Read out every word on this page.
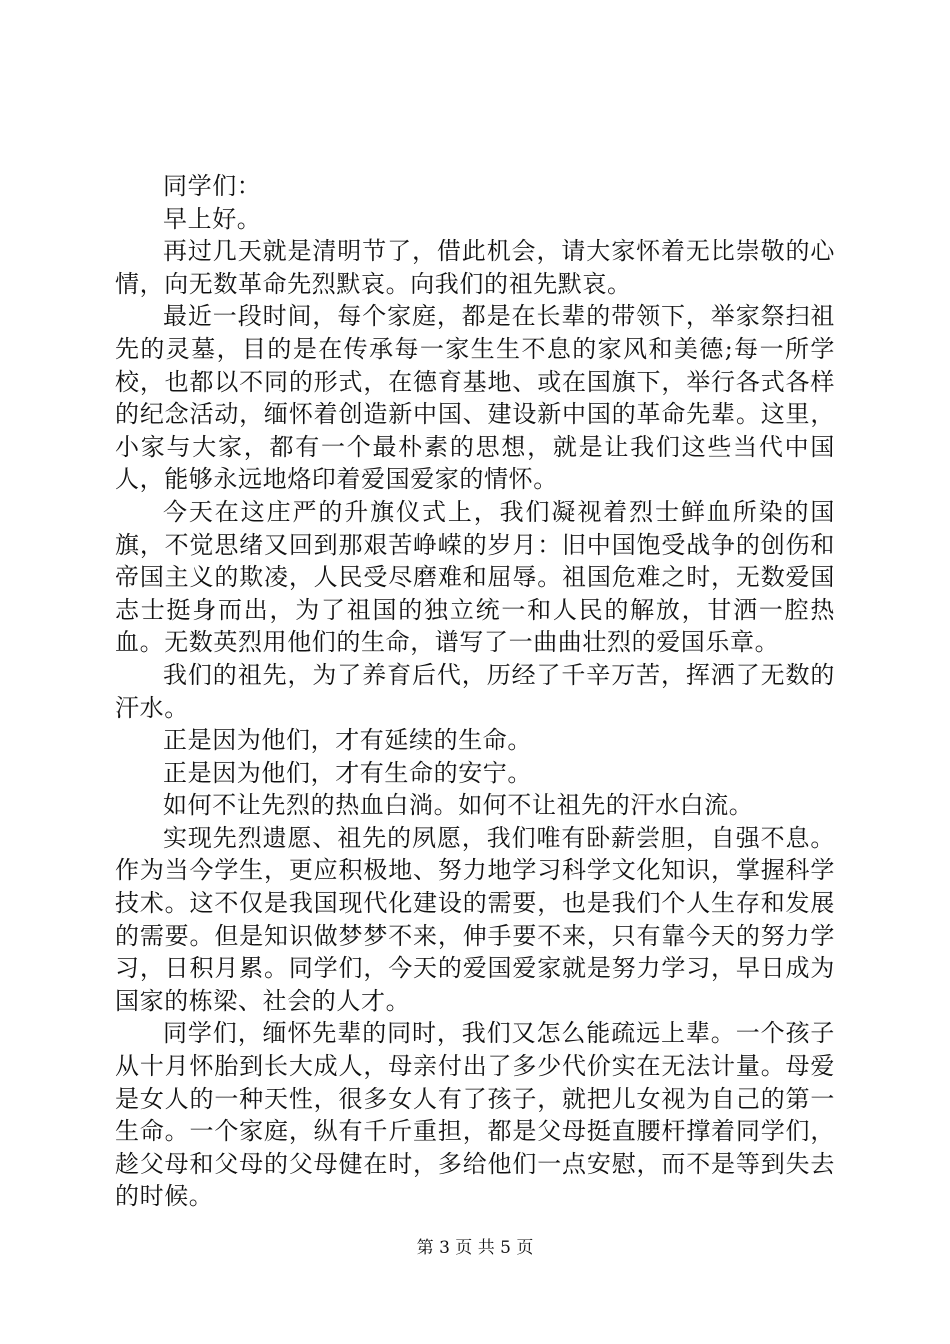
同学们：

早上好。

再过几天就是清明节了，借此机会，请大家怀着无比崇敬的心情，向无数革命先烈默哀。向我们的祖先默哀。

最近一段时间，每个家庭，都是在长辈的带领下，举家祭扫祖先的灵墓，目的是在传承每一家生生不息的家风和美德;每一所学校，也都以不同的形式，在德育基地、或在国旗下，举行各式各样的纪念活动，缅怀着创造新中国、建设新中国的革命先辈。这里，小家与大家，都有一个最朴素的思想，就是让我们这些当代中国人，能够永远地烙印着爱国爱家的情怀。

今天在这庄严的升旗仪式上，我们凝视着烈士鲜血所染的国旗，不觉思绪又回到那艰苦峥嵘的岁月：旧中国饱受战争的创伤和帝国主义的欺凌，人民受尽磨难和屈辱。祖国危难之时，无数爱国志士挺身而出，为了祖国的独立统一和人民的解放，甘洒一腔热血。无数英烈用他们的生命，谱写了一曲曲壮烈的爱国乐章。

我们的祖先，为了养育后代，历经了千辛万苦，挥洒了无数的汗水。

正是因为他们，才有延续的生命。

正是因为他们，才有生命的安宁。

如何不让先烈的热血白淌。如何不让祖先的汗水白流。

实现先烈遗愿、祖先的夙愿，我们唯有卧薪尝胆，自强不息。作为当今学生，更应积极地、努力地学习科学文化知识，掌握科学技术。这不仅是我国现代化建设的需要，也是我们个人生存和发展的需要。但是知识做梦梦不来，伸手要不来，只有靠今天的努力学习，日积月累。同学们，今天的爱国爱家就是努力学习，早日成为国家的栋梁、社会的人才。

同学们，缅怀先辈的同时，我们又怎么能疏远上辈。一个孩子从十月怀胎到长大成人，母亲付出了多少代价实在无法计量。母爱是女人的一种天性，很多女人有了孩子，就把儿女视为自己的第一生命。一个家庭，纵有千斤重担，都是父母挺直腰杆撑着同学们，趁父母和父母的父母健在时，多给他们一点安慰，而不是等到失去的时候。

第 3 页 共 5 页
